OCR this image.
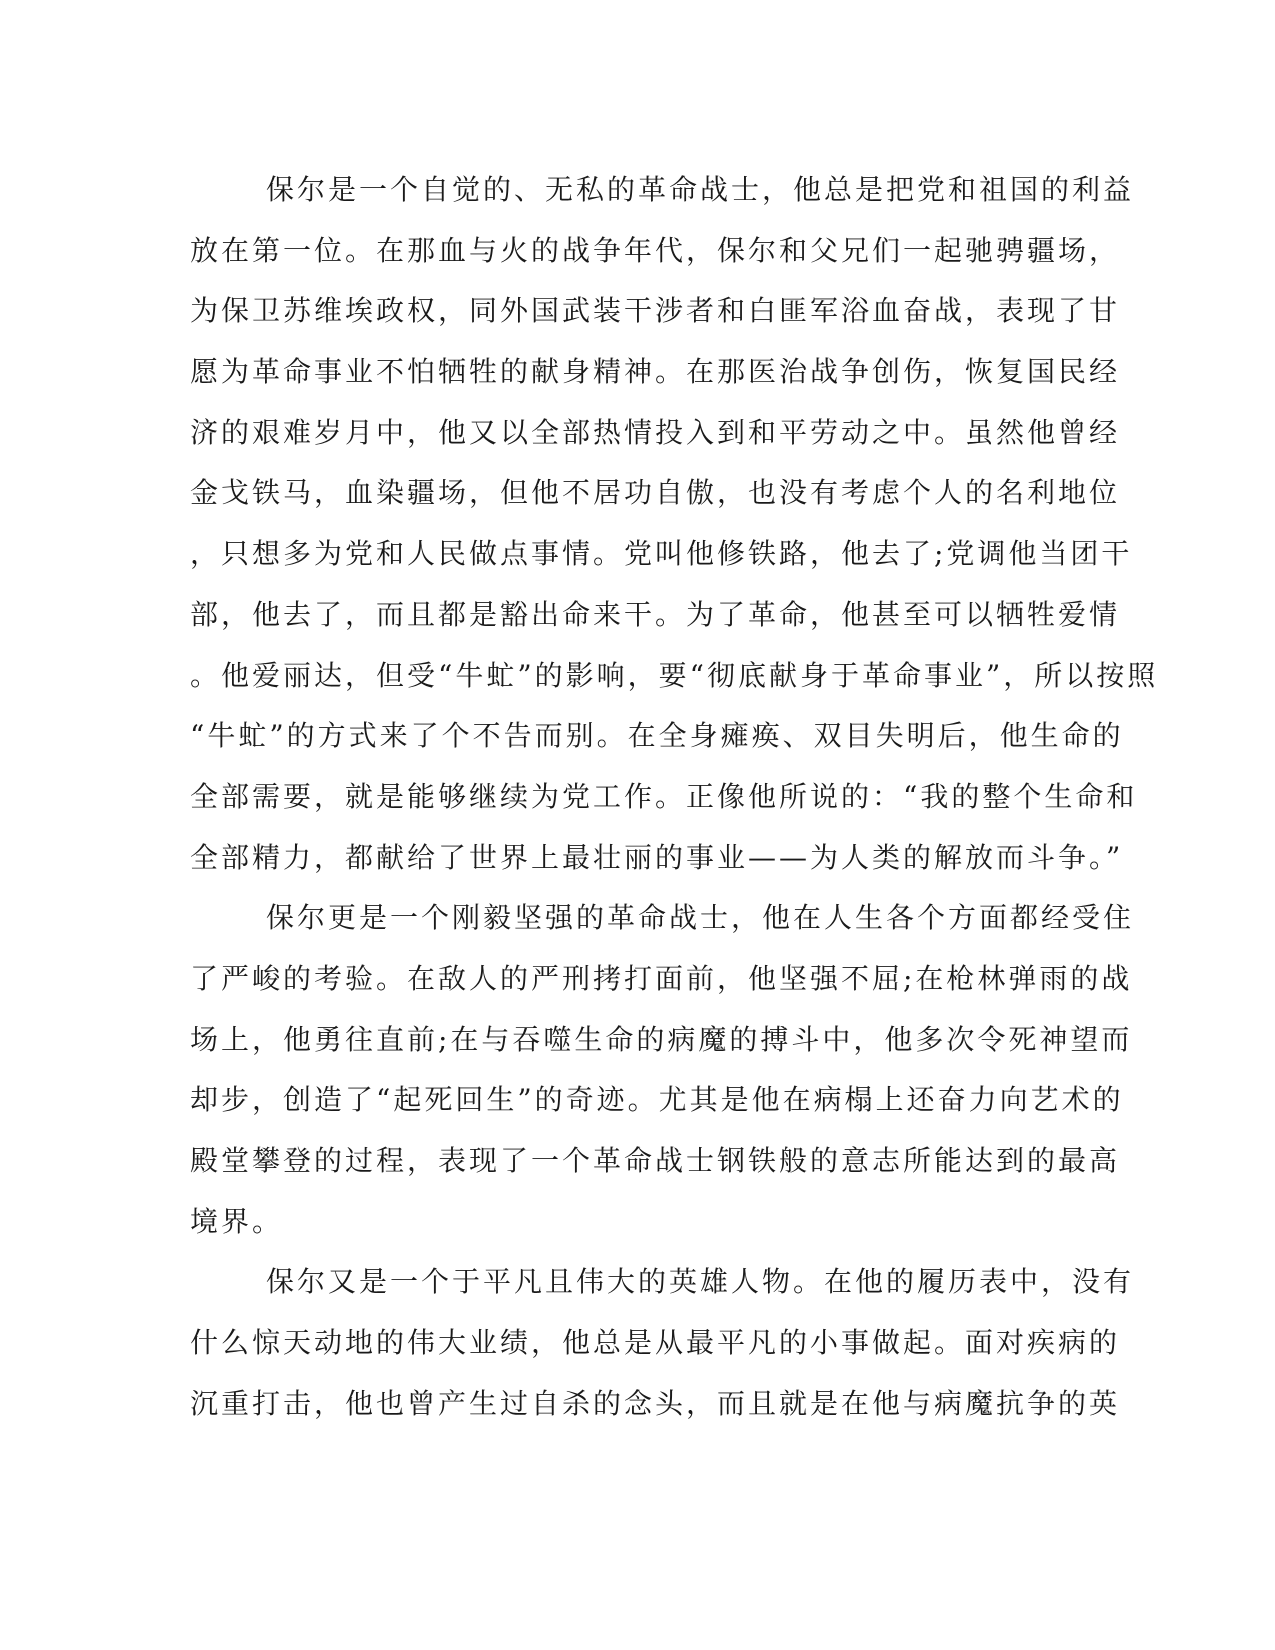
保尔是一个自觉的、无私的革命战士，他总是把党和祖国的利益
放在第一位。在那血与火的战争年代，保尔和父兄们一起驰骋疆场，
为保卫苏维埃政权，同外国武装干涉者和白匪军浴血奋战，表现了甘
愿为革命事业不怕牺牲的献身精神。在那医治战争创伤，恢复国民经
济的艰难岁月中，他又以全部热情投入到和平劳动之中。虽然他曾经
金戈铁马，血染疆场，但他不居功自傲，也没有考虑个人的名利地位
，只想多为党和人民做点事情。党叫他修铁路，他去了;党调他当团干
部，他去了，而且都是豁出命来干。为了革命，他甚至可以牺牲爱情
。他爱丽达，但受“牛虻”的影响，要“彻底献身于革命事业”，所以按照
“牛虻”的方式来了个不告而别。在全身瘫痪、双目失明后，他生命的
全部需要，就是能够继续为党工作。正像他所说的：“我的整个生命和
全部精力，都献给了世界上最壮丽的事业——为人类的解放而斗争。”
保尔更是一个刚毅坚强的革命战士，他在人生各个方面都经受住
了严峻的考验。在敌人的严刑拷打面前，他坚强不屈;在枪林弹雨的战
场上，他勇往直前;在与吞噬生命的病魔的搏斗中，他多次令死神望而
却步，创造了“起死回生”的奇迹。尤其是他在病榻上还奋力向艺术的
殿堂攀登的过程，表现了一个革命战士钢铁般的意志所能达到的最高
境界。
保尔又是一个于平凡且伟大的英雄人物。在他的履历表中，没有
什么惊天动地的伟大业绩，他总是从最平凡的小事做起。面对疾病的
沉重打击，他也曾产生过自杀的念头，而且就是在他与病魔抗争的英
